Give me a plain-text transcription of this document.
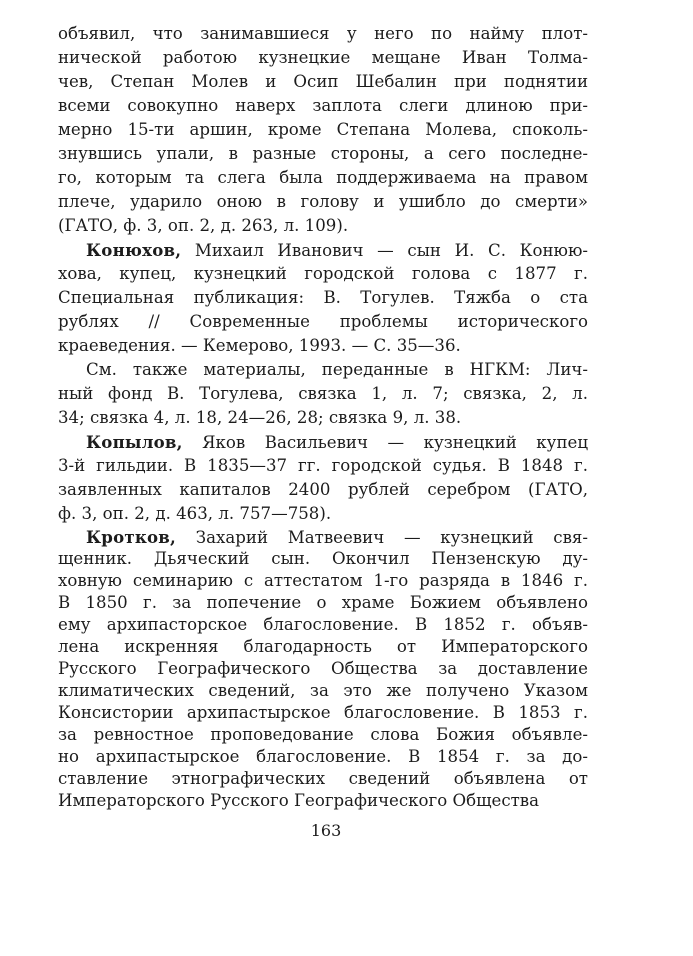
объявил, что занимавшиеся у него по найму плот-
нической работою кузнецкие мещане Иван Толма-
чев, Степан Молев и Осип Шебалин при поднятии
всеми совокупно наверх заплота слеги длиною при-
мерно 15-ти аршин, кроме Степана Молева, споколь-
знувшись упали, в разные стороны, а сего последне-
го, которым та слега была поддерживаема на правом
плече, ударило оною в голову и ушибло до смерти»
(ГАТО, ф. 3, оп. 2, д. 263, л. 109).
Конюхов, Михаил Иванович — сын И. С. Конюю-
хова, купец, кузнецкий городской голова с 1877 г.
Специальная публикация: В. Тогулев. Тяжба о ста
рублях // Современные проблемы исторического
краеведения. — Кемерово, 1993. — С. 35—36.
См. также материалы, переданные в НГКМ: Лич-
ный фонд В. Тогулева, связка 1, л. 7; связка, 2, л.
34; связка 4, л. 18, 24—26, 28; связка 9, л. 38.
Копылов, Яков Васильевич — кузнецкий купец
3-й гильдии. В 1835—37 гг. городской судья. В 1848 г.
заявленных капиталов 2400 рублей серебром (ГАТО,
ф. 3, оп. 2, д. 463, л. 757—758).
Кротков, Захарий Матвеевич — кузнецкий свя-
щенник. Дьяческий сын. Окончил Пензенскую ду-
ховную семинарию с аттестатом 1-го разряда в 1846 г.
В 1850 г. за попечение о храме Божием объявлено
ему архипасторское благословение. В 1852 г. объяв-
лена искренняя благодарность от Императорского
Русского Географического Общества за доставление
климатических сведений, за это же получено Указом
Консистории архипастырское благословение. В 1853 г.
за ревностное проповедование слова Божия объявле-
но архипастырское благословение. В 1854 г. за до-
ставление этнографических сведений объявлена от
Императорского Русского Географического Общества
163
